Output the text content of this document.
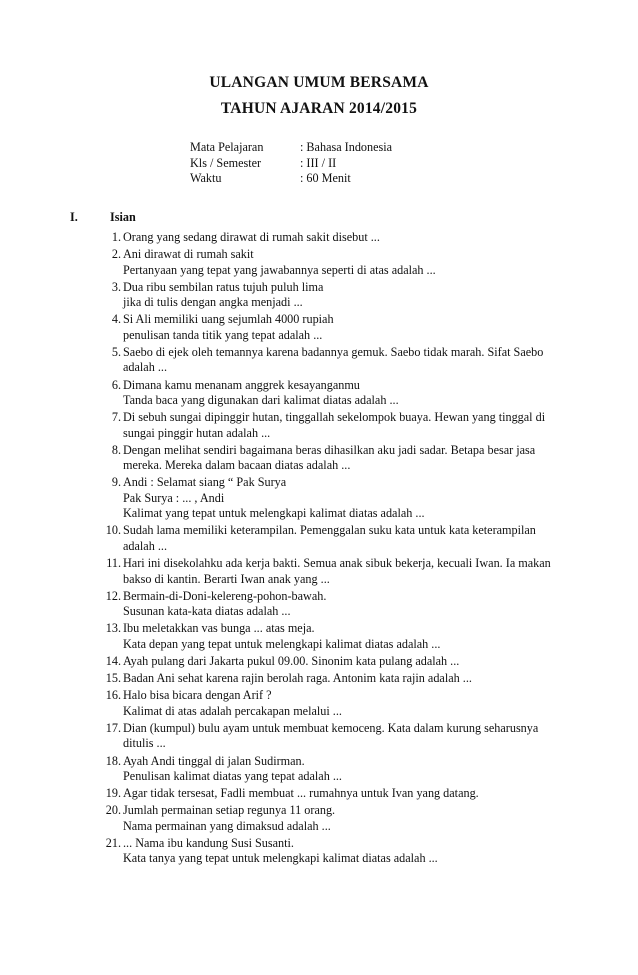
ULANGAN UMUM BERSAMA
TAHUN AJARAN 2014/2015
Mata Pelajaran	: Bahasa Indonesia
Kls / Semester	: III / II
Waktu	: 60 Menit
I.	Isian
1. Orang yang sedang dirawat di rumah sakit disebut ...
2. Ani dirawat di rumah sakit
Pertanyaan yang tepat yang jawabannya seperti di atas adalah ...
3. Dua ribu sembilan ratus tujuh puluh lima
jika di tulis dengan angka menjadi ...
4. Si Ali memiliki uang sejumlah 4000 rupiah
penulisan tanda titik yang tepat adalah ...
5. Saebo di ejek oleh temannya karena badannya gemuk. Saebo tidak marah. Sifat Saebo
adalah ...
6. Dimana kamu menanam anggrek kesayanganmu
Tanda baca yang digunakan dari kalimat diatas adalah ...
7. Di sebuh sungai dipinggir hutan, tinggallah sekelompok buaya. Hewan yang tinggal di
sungai pinggir hutan adalah ...
8. Dengan melihat sendiri bagaimana beras dihasilkan aku jadi sadar. Betapa besar jasa
mereka. Mereka dalam bacaan diatas adalah ...
9. Andi : Selamat siang “ Pak Surya
Pak Surya : ... , Andi
Kalimat yang tepat untuk melengkapi kalimat diatas adalah ...
10. Sudah lama memiliki keterampilan. Pemenggalan suku kata untuk kata keterampilan
adalah ...
11. Hari ini disekolahku ada kerja bakti. Semua anak sibuk bekerja, kecuali Iwan. Ia makan
bakso di kantin. Berarti Iwan anak yang ...
12. Bermain-di-Doni-kelereng-pohon-bawah.
Susunan kata-kata diatas adalah ...
13. Ibu meletakkan vas bunga ... atas meja.
Kata depan yang tepat untuk melengkapi kalimat diatas adalah ...
14. Ayah pulang dari Jakarta pukul 09.00. Sinonim kata pulang adalah ...
15. Badan Ani sehat karena rajin berolah raga. Antonim kata rajin adalah ...
16. Halo bisa bicara dengan Arif ?
Kalimat di atas adalah percakapan melalui ...
17. Dian (kumpul) bulu ayam untuk membuat kemoceng. Kata dalam kurung seharusnya
ditulis ...
18. Ayah Andi tinggal di jalan Sudirman.
Penulisan kalimat diatas yang tepat adalah ...
19. Agar tidak tersesat, Fadli membuat ... rumahnya untuk Ivan yang datang.
20. Jumlah permainan setiap regunya 11 orang.
Nama permainan yang dimaksud adalah ...
21. ... Nama ibu kandung Susi Susanti.
Kata tanya yang tepat untuk melengkapi kalimat diatas adalah ...
